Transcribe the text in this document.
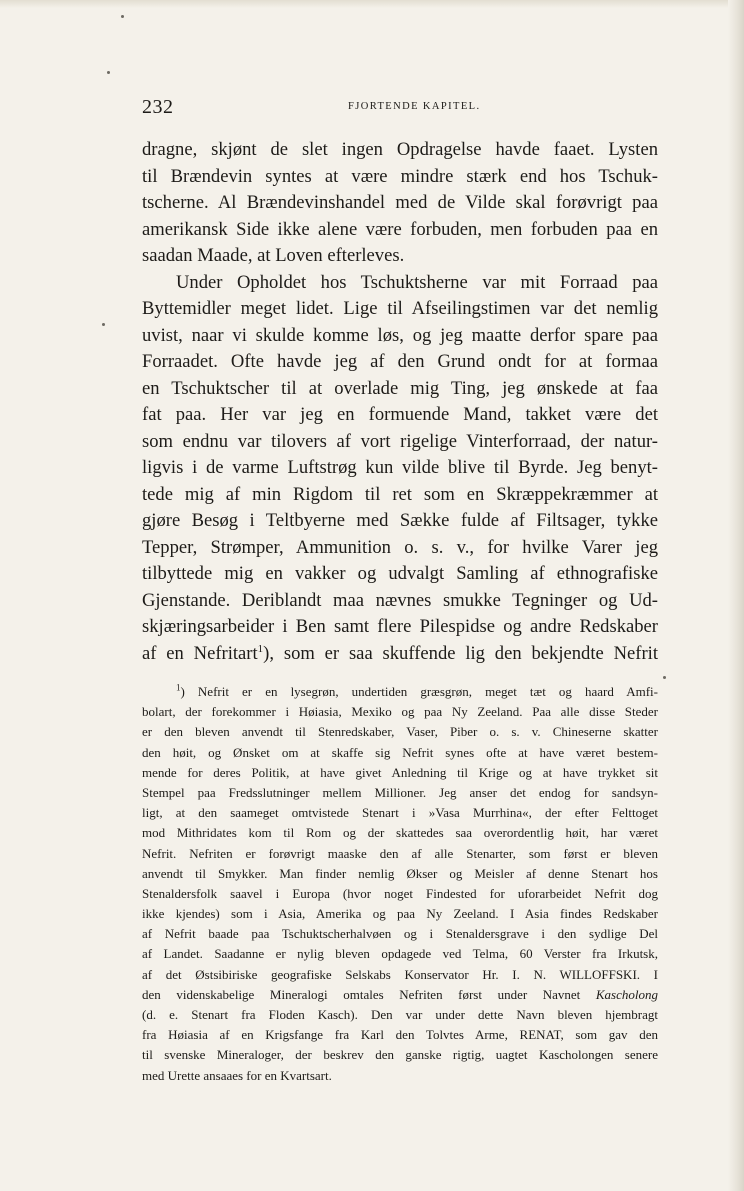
232	FJORTENDE KAPITEL.
dragne, skjønt de slet ingen Opdragelse havde faaet. Lysten
til Brændevin syntes at være mindre stærk end hos Tschuk-
tscherne. Al Brændevinshandel med de Vilde skal forøvrigt paa
amerikansk Side ikke alene være forbuden, men forbuden paa en
saadan Maade, at Loven efterleves.
Under Opholdet hos Tschuktsherne var mit Forraad paa
Byttemidler meget lidet. Lige til Afseilingstimen var det nemlig
uvist, naar vi skulde komme løs, og jeg maatte derfor spare paa
Forraadet. Ofte havde jeg af den Grund ondt for at formaa
en Tschuktscher til at overlade mig Ting, jeg ønskede at faa
fat paa. Her var jeg en formuende Mand, takket være det
som endnu var tilovers af vort rigelige Vinterforraad, der natur-
ligvis i de varme Luftstrøg kun vilde blive til Byrde. Jeg benyt-
tede mig af min Rigdom til ret som en Skræppekræmmer at
gjøre Besøg i Teltbyerne med Sække fulde af Filtsager, tykke
Tepper, Strømper, Ammunition o. s. v., for hvilke Varer jeg
tilbyttede mig en vakker og udvalgt Samling af ethnografiske
Gjenstande. Deriblandt maa nævnes smukke Tegninger og Ud-
skjæringsarbeider i Ben samt flere Pilespidse og andre Redskaber
af en Nefritart$^1$), som er saa skuffende lig den bekjendte Nefrit
$^1$) Nefrit er en lysegrøn, undertiden græsgrøn, meget tæt og haard Amfi-
bolart, der forekommer i Høiasia, Mexiko og paa Ny Zeeland. Paa alle disse Steder
er den bleven anvendt til Stenredskaber, Vaser, Piber o. s. v. Chineserne skatter
den høit, og Ønsket om at skaffe sig Nefrit synes ofte at have været bestem-
mende for deres Politik, at have givet Anledning til Krige og at have trykket sit
Stempel paa Fredsslutninger mellem Millioner. Jeg anser det endog for sandsyn-
ligt, at den saameget omtvistede Stenart i »Vasa Murrhina«, der efter Felttoget
mod Mithridates kom til Rom og der skattedes saa overordentlig høit, har været
Nefrit. Nefriten er forøvrigt maaske den af alle Stenarter, som først er bleven
anvendt til Smykker. Man finder nemlig Økser og Meisler af denne Stenart hos
Stenaldersfolk saavel i Europa (hvor noget Findested for uforarbeidet Nefrit dog
ikke kjendes) som i Asia, Amerika og paa Ny Zeeland. I Asia findes Redskaber
af Nefrit baade paa Tschuktscherhalvøen og i Stenaldersgrave i den sydlige Del
af Landet. Saadanne er nylig bleven opdagede ved Telma, 60 Verster fra Irkutsk,
af det Østsibiriske geografiske Selskabs Konservator Hr. I. N. WILLOFFSKI. I
den videnskabelige Mineralogi omtales Nefriten først under Navnet Kascholong
(d. e. Stenart fra Floden Kasch). Den var under dette Navn bleven hjembragt
fra Høiasia af en Krigsfange fra Karl den Tolvtes Arme, RENAT, som gav den
til svenske Mineraloger, der beskrev den ganske rigtig, uagtet Kascholongen senere
med Urette ansaaes for en Kvartsart.
